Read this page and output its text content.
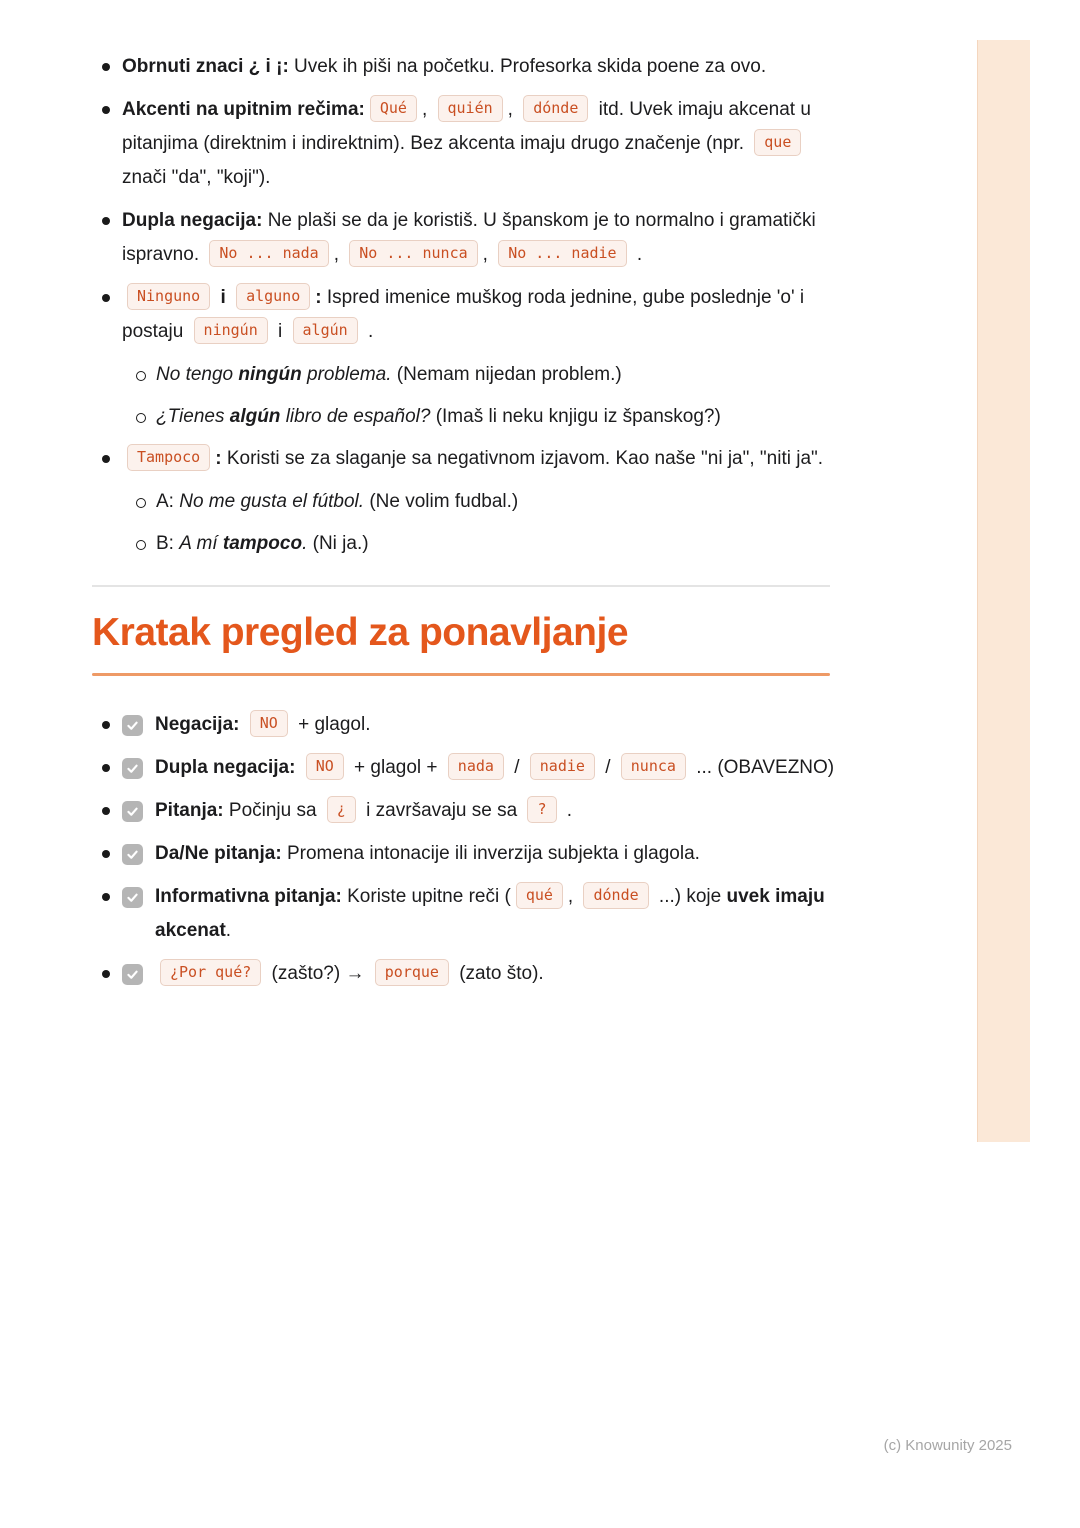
Obrnuti znaci ¿ i ¡: Uvek ih piši na početku. Profesorka skida poene za ovo.
Akcenti na upitnim rečima: Qué , quién , dónde itd. Uvek imaju akcenat u pitanjima (direktnim i indirektnim). Bez akcenta imaju drugo značenje (npr. que znači "da", "koji").
Dupla negacija: Ne plaši se da je koristiš. U španskom je to normalno i gramatički ispravno. No ... nada , No ... nunca , No ... nadie .
Ninguno i alguno : Ispred imenice muškog roda jednine, gube poslednje 'o' i postaju ningún i algún .
No tengo ningún problema. (Nemam nijedan problem.)
¿Tienes algún libro de español? (Imaš li neku knjigu iz španskog?)
Tampoco : Koristi se za slaganje sa negativnom izjavom. Kao naše "ni ja", "niti ja".
A: No me gusta el fútbol. (Ne volim fudbal.)
B: A mí tampoco. (Ni ja.)
Kratak pregled za ponavljanje
Negacija: NO + glagol.
Dupla negacija: NO + glagol + nada / nadie / nunca ... (OBAVEZNO)
Pitanja: Počinju sa ¿ i završavaju se sa ? .
Da/Ne pitanja: Promena intonacije ili inverzija subjekta i glagola.
Informativna pitanja: Koriste upitne reči ( qué , dónde ...) koje uvek imaju akcenat.
¿Por qué? (zašto?) → porque (zato što).
(c) Knowunity 2025
